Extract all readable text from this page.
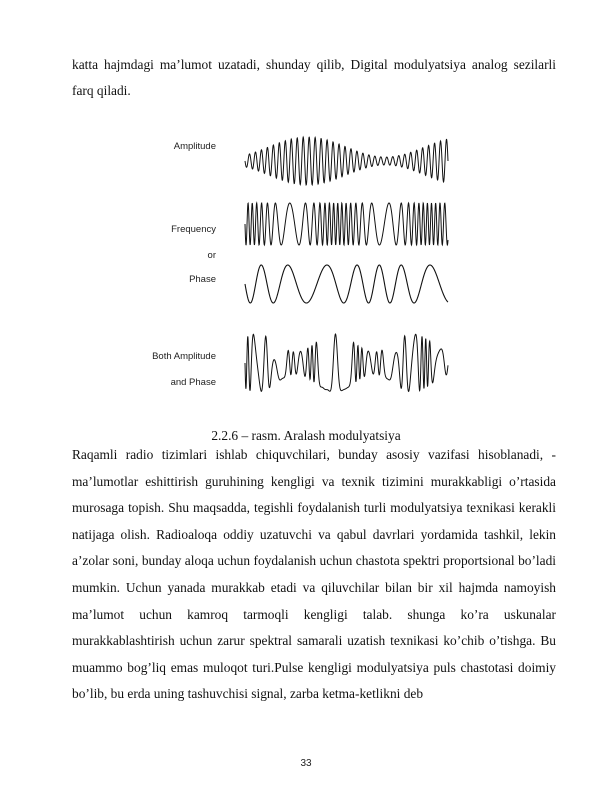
katta hajmdagi ma’lumot uzatadi, shunday qilib, Digital modulyatsiya analog sezilarli farq qiladi.

Amplitude
Frequency
or
Phase
Both Amplitude
and Phase

2.2.6 – rasm. Aralash modulyatsiya

Raqamli radio tizimlari ishlab chiquvchilari, bunday asosiy vazifasi hisoblanadi, - ma’lumotlar eshittirish guruhining kengligi va texnik tizimini murakkabligi o’rtasida murosaga topish. Shu maqsadda, tegishli foydalanish turli modulyatsiya texnikasi kerakli natijaga olish. Radioaloqa oddiy uzatuvchi va qabul davrlari yordamida tashkil, lekin a’zolar soni, bunday aloqa uchun foydalanish uchun chastota spektri proportsional bo’ladi mumkin. Uchun yanada murakkab etadi va qiluvchilar bilan bir xil hajmda namoyish ma’lumot uchun kamroq tarmoqli kengligi talab. shunga ko’ra uskunalar murakkablashtirish uchun zarur spektral samarali uzatish texnikasi ko’chib o’tishga. Bu muammo bog’liq emas muloqot turi.Pulse kengligi modulyatsiya puls chastotasi doimiy bo’lib, bu erda uning tashuvchisi signal, zarba ketma-ketlikni deb

33
